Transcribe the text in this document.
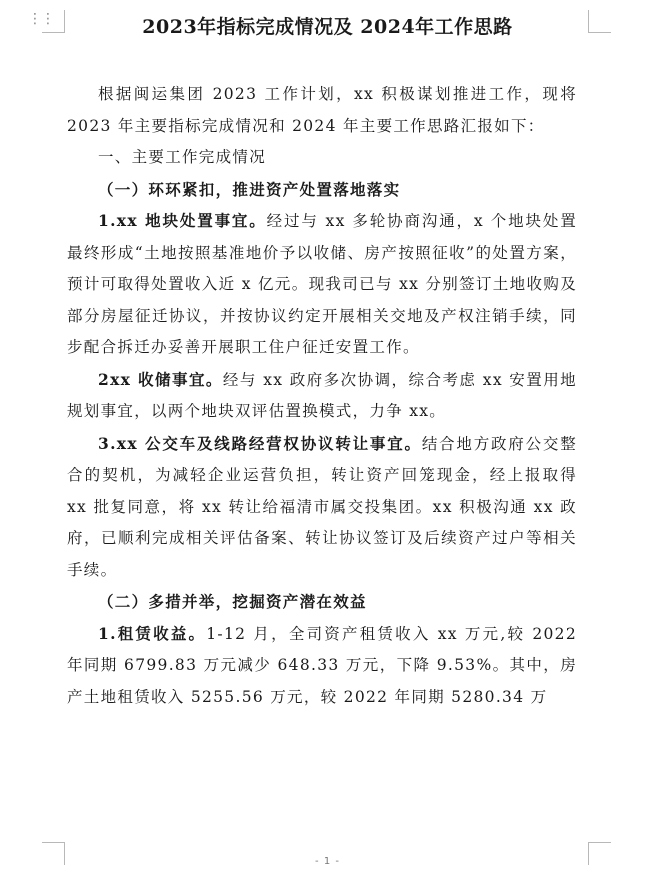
⋮⋮	2023年指标完成情况及 2024年工作思路

根据闽运集团 2023 工作计划，xx 积极谋划推进工作，现将 2023 年主要指标完成情况和 2024 年主要工作思路汇报如下：

一、主要工作完成情况

（一）环环紧扣，推进资产处置落地落实

1.xx 地块处置事宜。经过与 xx 多轮协商沟通，x 个地块处置最终形成“土地按照基准地价予以收储、房产按照征收”的处置方案，预计可取得处置收入近 x 亿元。现我司已与 xx 分别签订土地收购及部分房屋征迁协议，并按协议约定开展相关交地及产权注销手续，同步配合拆迁办妥善开展职工住户征迁安置工作。

2xx 收储事宜。经与 xx 政府多次协调，综合考虑 xx 安置用地规划事宜，以两个地块双评估置换模式，力争 xx。

3.xx 公交车及线路经营权协议转让事宜。结合地方政府公交整合的契机，为减轻企业运营负担，转让资产回笼现金，经上报取得 xx 批复同意，将 xx 转让给福清市属交投集团。xx 积极沟通 xx 政府，已顺利完成相关评估备案、转让协议签订及后续资产过户等相关手续。

（二）多措并举，挖掘资产潜在效益

1.租赁收益。1-12 月，全司资产租赁收入 xx 万元,较 2022 年同期 6799.83 万元减少 648.33 万元，下降 9.53%。其中，房产土地租赁收入 5255.56 万元，较 2022 年同期 5280.34 万

- 1 -
